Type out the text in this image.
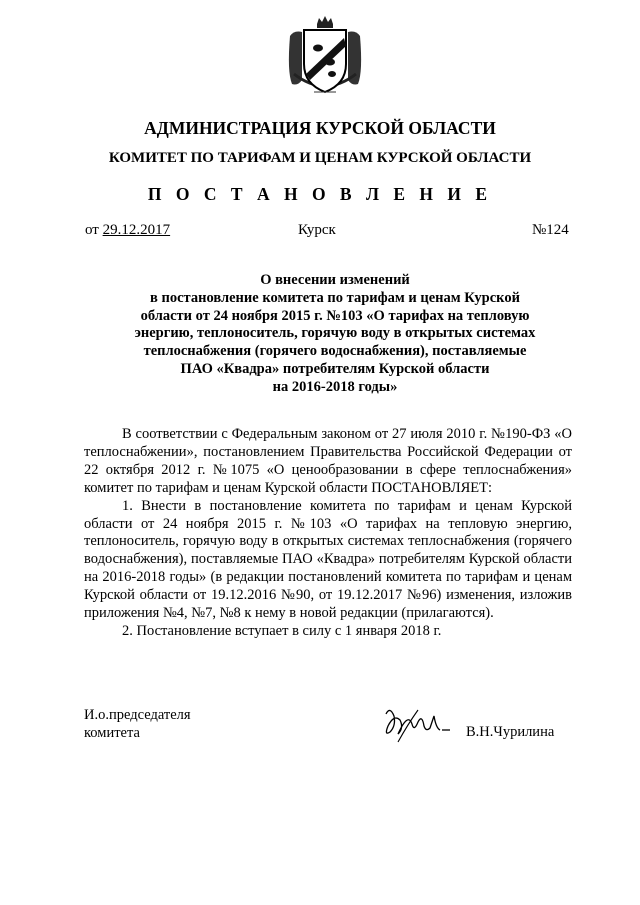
АДМИНИСТРАЦИЯ КУРСКОЙ ОБЛАСТИ
КОМИТЕТ ПО ТАРИФАМ И ЦЕНАМ КУРСКОЙ ОБЛАСТИ
П О С Т А Н О В Л Е Н И Е
от 29.12.2017	Курск	№124
О внесении изменений
в постановление комитета по тарифам и ценам Курской
области от 24 ноября 2015 г. №103 «О тарифах на тепловую
энергию, теплоноситель, горячую воду в открытых системах
теплоснабжения (горячего водоснабжения), поставляемые
ПАО «Квадра» потребителям Курской области
на 2016-2018 годы»

В соответствии с Федеральным законом от 27 июля 2010 г. №190-ФЗ «О теплоснабжении», постановлением Правительства Российской Федерации от 22 октября 2012 г. №1075 «О ценообразовании в сфере теплоснабжения» комитет по тарифам и ценам Курской области ПОСТАНОВЛЯЕТ:

1. Внести в постановление комитета по тарифам и ценам Курской области от 24 ноября 2015 г. №103 «О тарифах на тепловую энергию, теплоноситель, горячую воду в открытых системах теплоснабжения (горячего водоснабжения), поставляемые ПАО «Квадра» потребителям Курской области на 2016-2018 годы» (в редакции постановлений комитета по тарифам и ценам Курской области от 19.12.2016 №90, от 19.12.2017 №96) изменения, изложив приложения №4, №7, №8 к нему в новой редакции (прилагаются).

2. Постановление вступает в силу с 1 января 2018 г.

И.о.председателя
комитета	В.Н.Чурилина
